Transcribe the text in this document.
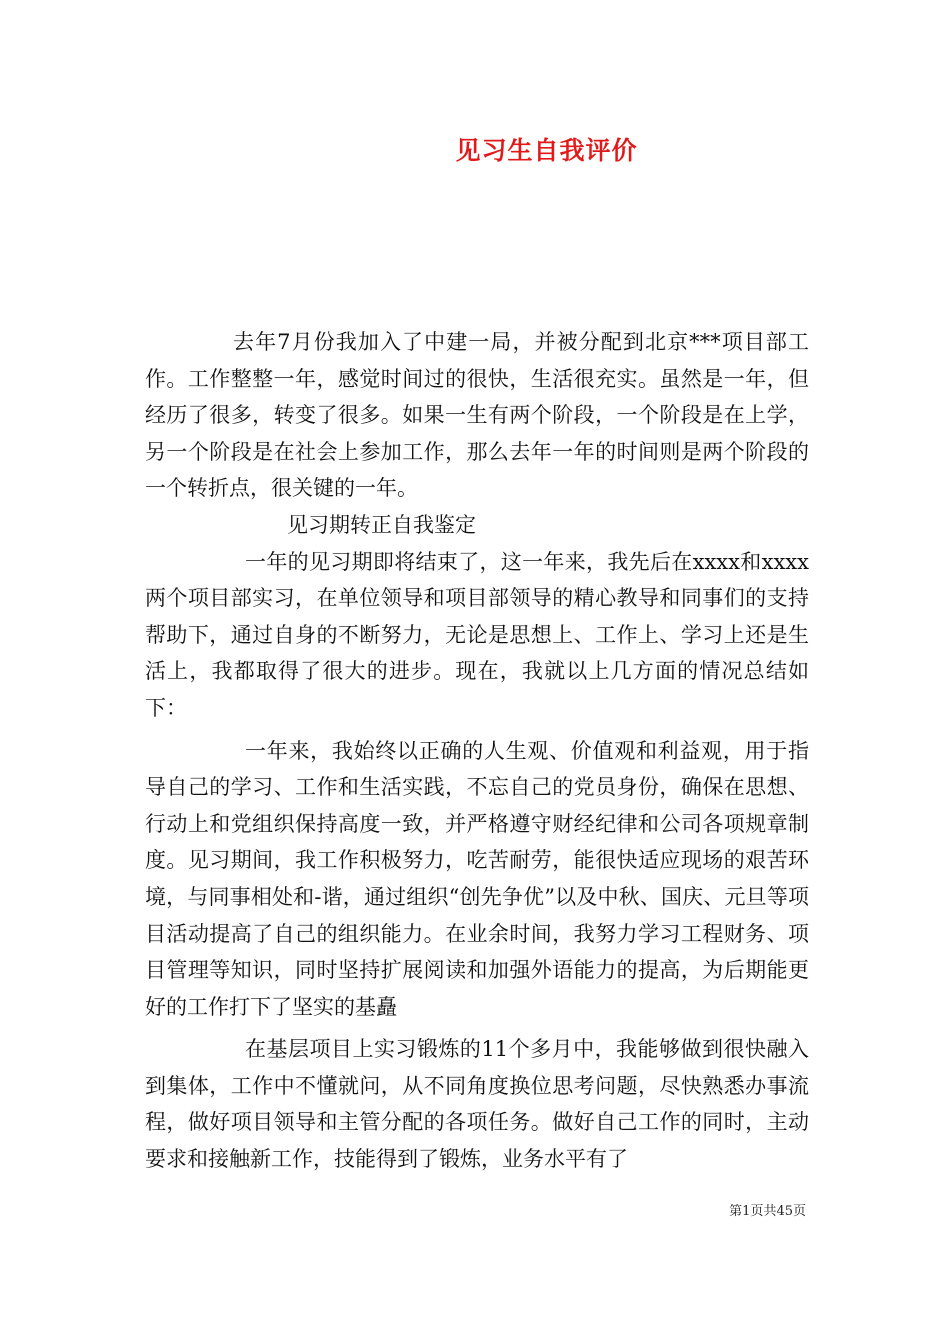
见习生自我评价

去年7月份我加入了中建一局，并被分配到北京***项目部工作。工作整整一年，感觉时间过的很快，生活很充实。虽然是一年，但经历了很多，转变了很多。如果一生有两个阶段，一个阶段是在上学，另一个阶段是在社会上参加工作，那么去年一年的时间则是两个阶段的一个转折点，很关键的一年。

见习期转正自我鉴定

一年的见习期即将结束了，这一年来，我先后在xxxx和xxxx两个项目部实习，在单位领导和项目部领导的精心教导和同事们的支持帮助下，通过自身的不断努力，无论是思想上、工作上、学习上还是生活上，我都取得了很大的进步。现在，我就以上几方面的情况总结如下：

一年来，我始终以正确的人生观、价值观和利益观，用于指导自己的学习、工作和生活实践，不忘自己的党员身份，确保在思想、行动上和党组织保持高度一致，并严格遵守财经纪律和公司各项规章制度。见习期间，我工作积极努力，吃苦耐劳，能很快适应现场的艰苦环境，与同事相处和-谐，通过组织“创先争优”以及中秋、国庆、元旦等项目活动提高了自己的组织能力。在业余时间，我努力学习工程财务、项目管理等知识，同时坚持扩展阅读和加强外语能力的提高，为后期能更好的工作打下了坚实的基矗

在基层项目上实习锻炼的11个多月中，我能够做到很快融入到集体，工作中不懂就问，从不同角度换位思考问题，尽快熟悉办事流程，做好项目领导和主管分配的各项任务。做好自己工作的同时，主动要求和接触新工作，技能得到了锻炼，业务水平有了

第1页共45页
